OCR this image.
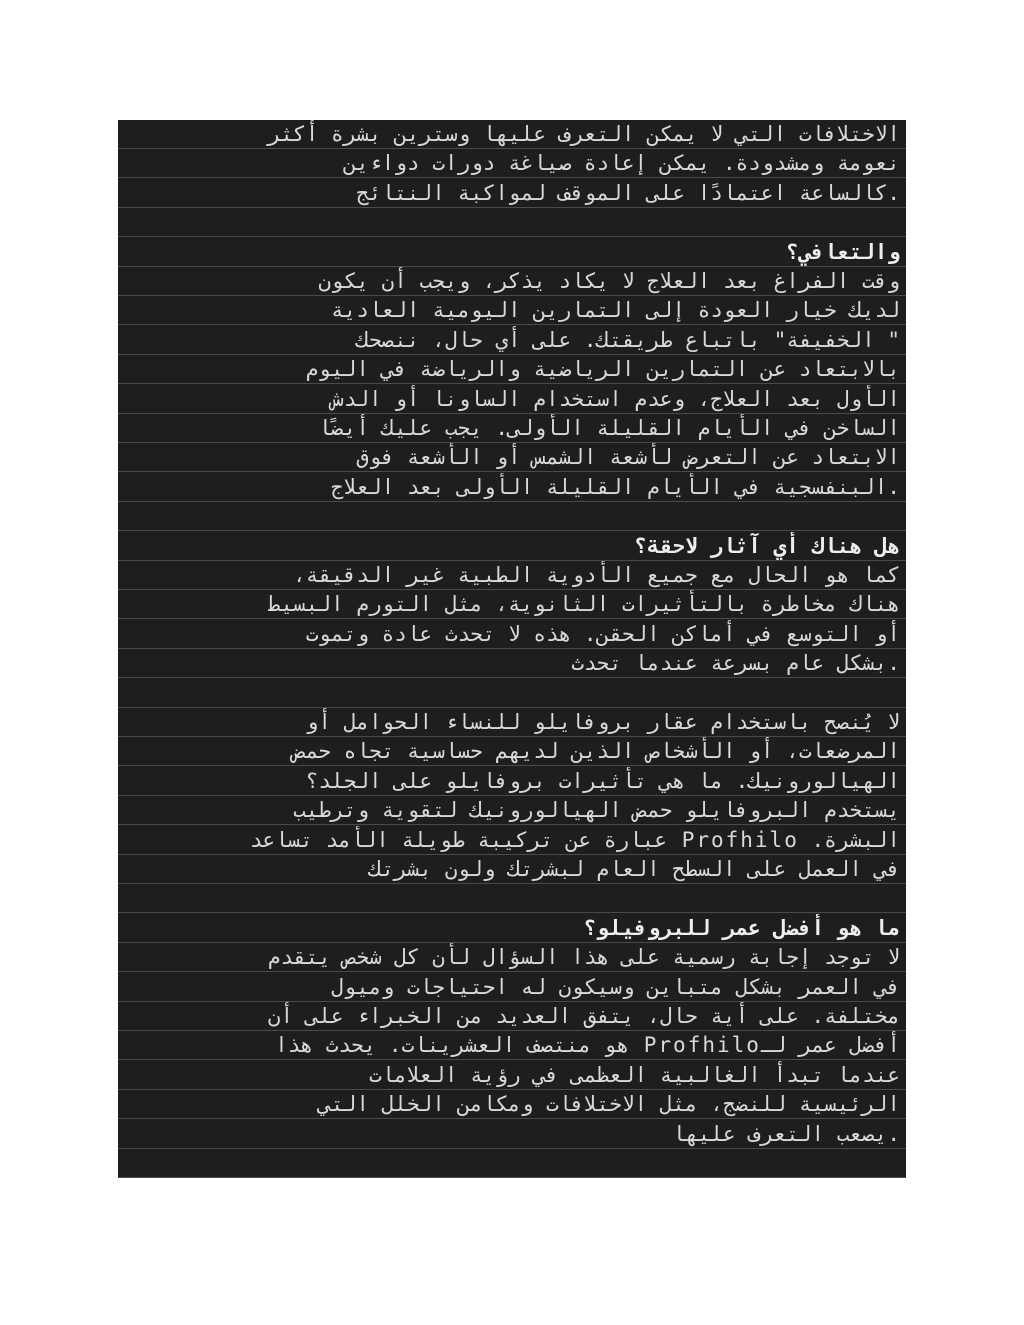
الاختلافات التي لا يمكن التعرف عليها وسترين بشرة أكثر
نعومة ومشدودة. يمكن إعادة صياغة دورات دواءين
.كالساعة اعتمادًا على الموقف لمواكبة النتائج
والتعافي؟
وقت الفراغ بعد العلاج لا يكاد يذكر، ويجب أن يكون
لديك خيار العودة إلى التمارين اليومية العادية
" الخفيفة" باتباع طريقتك. على أي حال، ننصحك
بالابتعاد عن التمارين الرياضية والرياضة في اليوم
الأول بعد العلاج، وعدم استخدام الساونا أو الدش
الساخن في الأيام القليلة الأولى. يجب عليك أيضًا
الابتعاد عن التعرض لأشعة الشمس أو الأشعة فوق
.البنفسجية في الأيام القليلة الأولى بعد العلاج
هل هناك أي آثار لاحقة؟
كما هو الحال مع جميع الأدوية الطبية غير الدقيقة،
هناك مخاطرة بالتأثيرات الثانوية، مثل التورم البسيط
أو التوسع في أماكن الحقن. هذه لا تحدث عادة وتموت
.بشكل عام بسرعة عندما تحدث
لا يُنصح باستخدام عقار بروفايلو للنساء الحوامل أو
المرضعات، أو الأشخاص الذين لديهم حساسية تجاه حمض
الهيالورونيك. ما هي تأثيرات بروفايلو على الجلد؟
يستخدم البروفايلو حمض الهيالورونيك لتقوية وترطيب
البشرة. Profhilo عبارة عن تركيبة طويلة الأمد تساعد
في العمل على السطح العام لبشرتك ولون بشرتك
ما هو أفضل عمر للبروفيلو؟
لا توجد إجابة رسمية على هذا السؤال لأن كل شخص يتقدم
في العمر بشكل متباين وسيكون له احتياجات وميول
مختلفة. على أية حال، يتفق العديد من الخبراء على أن
أفضل عمر لـProfhilo هو منتصف العشرينات. يحدث هذا
عندما تبدأ الغالبية العظمى في رؤية العلامات
الرئيسية للنضج، مثل الاختلافات ومكامن الخلل التي
.يصعب التعرف عليها
